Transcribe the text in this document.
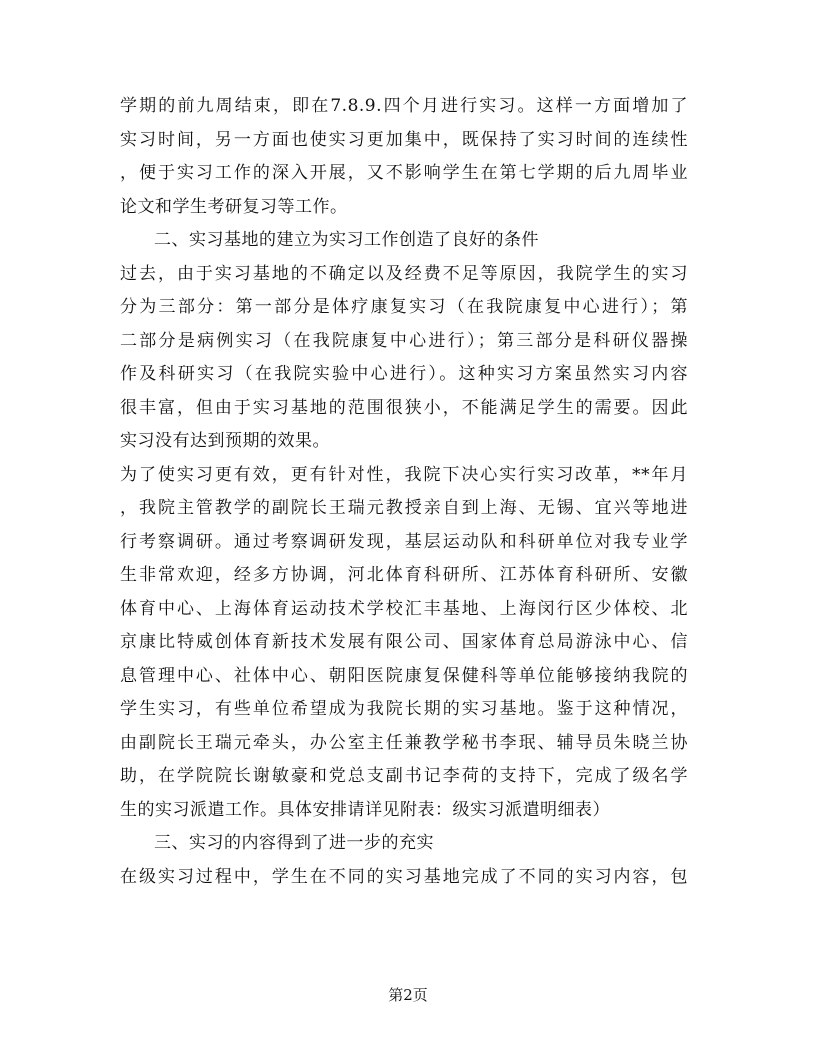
学期的前九周结束，即在7.8.9.四个月进行实习。这样一方面增加了
实习时间，另一方面也使实习更加集中，既保持了实习时间的连续性
，便于实习工作的深入开展，又不影响学生在第七学期的后九周毕业
论文和学生考研复习等工作。
二、实习基地的建立为实习工作创造了良好的条件
过去，由于实习基地的不确定以及经费不足等原因，我院学生的实习
分为三部分：第一部分是体疗康复实习（在我院康复中心进行）；第
二部分是病例实习（在我院康复中心进行）；第三部分是科研仪器操
作及科研实习（在我院实验中心进行）。这种实习方案虽然实习内容
很丰富，但由于实习基地的范围很狭小，不能满足学生的需要。因此
实习没有达到预期的效果。
为了使实习更有效，更有针对性，我院下决心实行实习改革，**年月
，我院主管教学的副院长王瑞元教授亲自到上海、无锡、宜兴等地进
行考察调研。通过考察调研发现，基层运动队和科研单位对我专业学
生非常欢迎，经多方协调，河北体育科研所、江苏体育科研所、安徽
体育中心、上海体育运动技术学校汇丰基地、上海闵行区少体校、北
京康比特威创体育新技术发展有限公司、国家体育总局游泳中心、信
息管理中心、社体中心、朝阳医院康复保健科等单位能够接纳我院的
学生实习，有些单位希望成为我院长期的实习基地。鉴于这种情况，
由副院长王瑞元牵头，办公室主任兼教学秘书李珉、辅导员朱晓兰协
助，在学院院长谢敏豪和党总支副书记李荷的支持下，完成了级名学
生的实习派遣工作。具体安排请详见附表：级实习派遣明细表）
三、实习的内容得到了进一步的充实
在级实习过程中，学生在不同的实习基地完成了不同的实习内容，包
第2页
